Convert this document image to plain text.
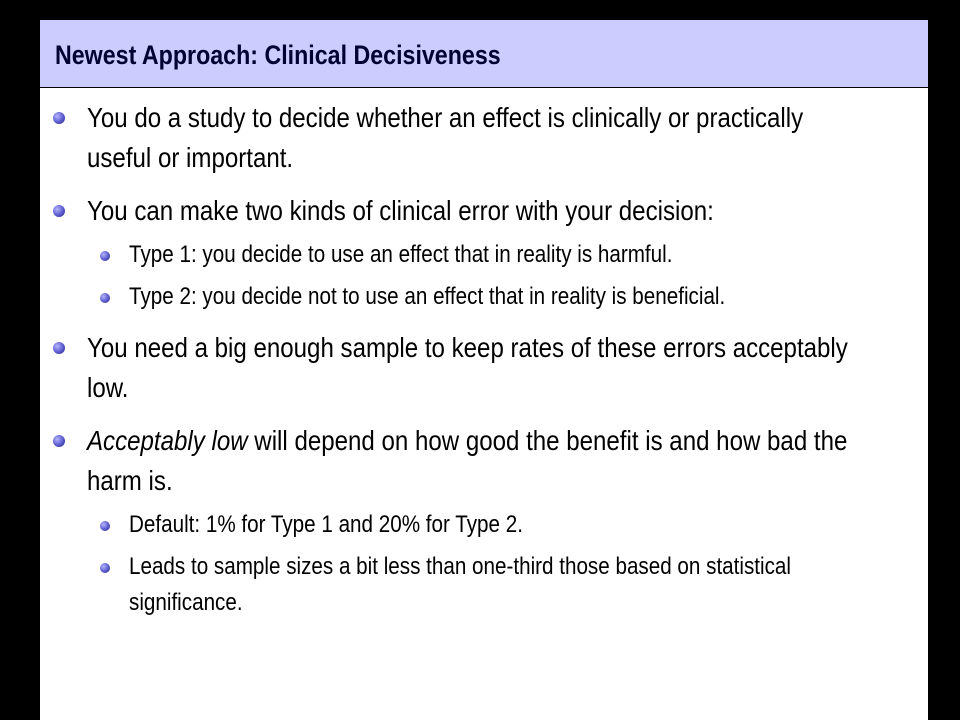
Newest Approach: Clinical Decisiveness
You do a study to decide whether an effect is clinically or practically useful or important.
You can make two kinds of clinical error with your decision:
Type 1: you decide to use an effect that in reality is harmful.
Type 2: you decide not to use an effect that in reality is beneficial.
You need a big enough sample to keep rates of these errors acceptably low.
Acceptably low will depend on how good the benefit is and how bad the harm is.
Default: 1% for Type 1 and 20% for Type 2.
Leads to sample sizes a bit less than one-third those based on statistical significance.
